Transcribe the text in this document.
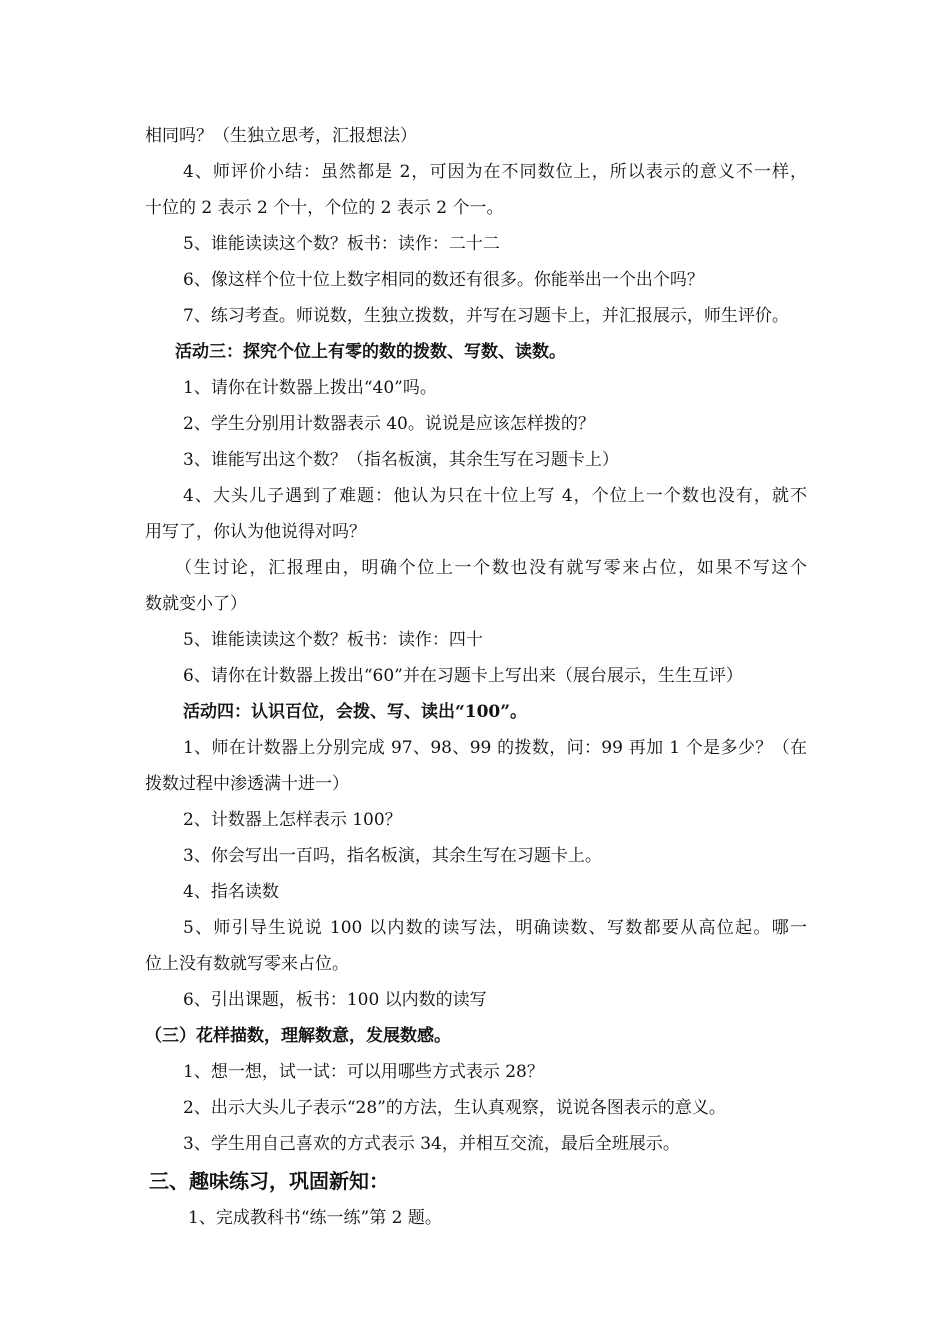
相同吗？（生独立思考，汇报想法）
4、师评价小结：虽然都是 2，可因为在不同数位上，所以表示的意义不一样，
十位的 2 表示 2 个十，个位的 2 表示 2 个一。
5、谁能读读这个数？板书：读作：二十二
6、像这样个位十位上数字相同的数还有很多。你能举出一个出个吗？
7、练习考查。师说数，生独立拨数，并写在习题卡上，并汇报展示，师生评价。
活动三：探究个位上有零的数的拨数、写数、读数。
1、请你在计数器上拨出“40”吗。
2、学生分别用计数器表示 40。说说是应该怎样拨的？
3、谁能写出这个数？（指名板演，其余生写在习题卡上）
4、大头儿子遇到了难题：他认为只在十位上写 4，个位上一个数也没有，就不
用写了，你认为他说得对吗？
（生讨论，汇报理由，明确个位上一个数也没有就写零来占位，如果不写这个
数就变小了）
5、谁能读读这个数？板书：读作：四十
6、请你在计数器上拨出“60”并在习题卡上写出来（展台展示，生生互评）
活动四：认识百位，会拨、写、读出“100”。
1、师在计数器上分别完成 97、98、99 的拨数，问：99 再加 1 个是多少？（在
拨数过程中渗透满十进一）
2、计数器上怎样表示 100？
3、你会写出一百吗，指名板演，其余生写在习题卡上。
4、指名读数
5、师引导生说说 100 以内数的读写法，明确读数、写数都要从高位起。哪一
位上没有数就写零来占位。
6、引出课题，板书：100 以内数的读写
（三）花样描数，理解数意，发展数感。
1、想一想，试一试：可以用哪些方式表示 28？
2、出示大头儿子表示“28”的方法，生认真观察，说说各图表示的意义。
3、学生用自己喜欢的方式表示 34，并相互交流，最后全班展示。
三、趣味练习，巩固新知：
1、完成教科书“练一练”第 2 题。
